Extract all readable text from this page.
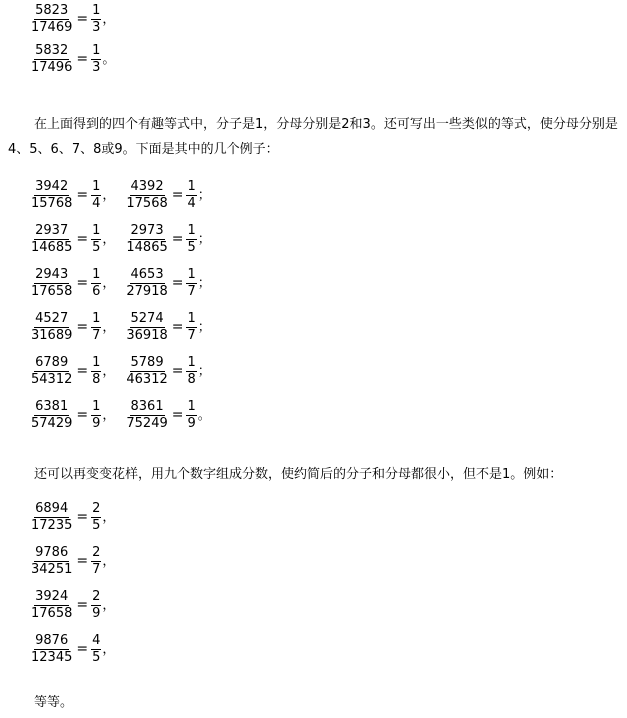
$\frac{5823}{17469} = \frac{1}{3}$ ，
$\frac{5832}{17496} = \frac{1}{3}$ 。
在上面得到的四个有趣等式中，分子是1，分母分别是2和3。还可写出一些类似的等式，使分母分别是4、5、6、7、8或9。下面是其中的几个例子：
$\frac{3942}{15768} = \frac{1}{4}$ ， $\frac{4392}{17568} = \frac{1}{4}$ ；
$\frac{2937}{14685} = \frac{1}{5}$ ， $\frac{2973}{14865} = \frac{1}{5}$ ；
$\frac{2943}{17658} = \frac{1}{6}$ ， $\frac{4653}{27918} = \frac{1}{7}$ ；
$\frac{4527}{31689} = \frac{1}{7}$ ， $\frac{5274}{36918} = \frac{1}{7}$ ；
$\frac{6789}{54312} = \frac{1}{8}$ ， $\frac{5789}{46312} = \frac{1}{8}$ ；
$\frac{6381}{57429} = \frac{1}{9}$ ， $\frac{8361}{75249} = \frac{1}{9}$ 。
还可以再变变花样，用九个数字组成分数，使约简后的分子和分母都很小，但不是1。例如：
$\frac{6894}{17235} = \frac{2}{5}$ ，
$\frac{9786}{34251} = \frac{2}{7}$ ，
$\frac{3924}{17658} = \frac{2}{9}$ ，
$\frac{9876}{12345} = \frac{4}{5}$ ，
等等。
